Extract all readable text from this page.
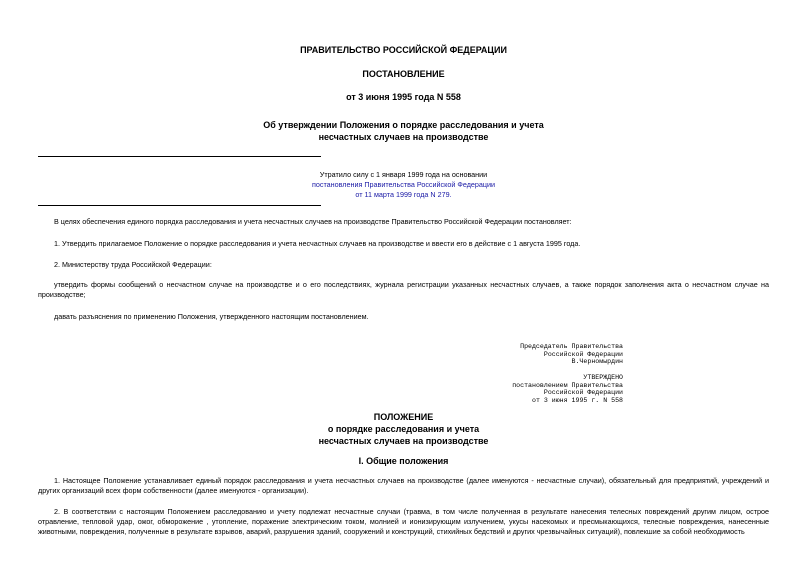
ПРАВИТЕЛЬСТВО РОССИЙСКОЙ ФЕДЕРАЦИИ
ПОСТАНОВЛЕНИЕ
от 3 июня 1995 года N 558
Об утверждении Положения о порядке расследования и учета
несчастных случаев на производстве
Утратило силу с 1 января 1999 года на основании
постановления Правительства Российской Федерации
от 11 марта 1999 года N 279.
В целях обеспечения единого порядка расследования и учета несчастных случаев на производстве Правительство Российской Федерации постановляет:
1. Утвердить прилагаемое Положение о порядке расследования и учета несчастных случаев на производстве и ввести его в действие с 1 августа 1995 года.
2. Министерству труда Российской Федерации:
утвердить формы сообщений о несчастном случае на производстве и о его последствиях, журнала регистрации указанных несчастных случаев, а также порядок заполнения акта о несчастном случае на производстве;
давать разъяснения по применению Положения, утвержденного настоящим постановлением.
Председатель Правительства
Российской Федерации
В.Черномырдин
УТВЕРЖДЕНО
постановлением Правительства
Российской Федерации
от 3 июня 1995 г. N 558
ПОЛОЖЕНИЕ
о порядке расследования и учета
несчастных случаев на производстве
I. Общие положения
1. Настоящее Положение устанавливает единый порядок расследования и учета несчастных случаев на производстве (далее именуются - несчастные случаи), обязательный для предприятий, учреждений и других организаций всех форм собственности (далее именуются - организации).
2. В соответствии с настоящим Положением расследованию и учету подлежат несчастные случаи (травма, в том числе полученная в результате нанесения телесных повреждений другим лицом, острое отравление, тепловой удар, ожог, обморожение , утопление, поражение электрическим током, молнией и ионизирующим излучением, укусы насекомых и пресмыкающихся, телесные повреждения, нанесенные животными, повреждения, полученные в результате взрывов, аварий, разрушения зданий, сооружений и конструкций, стихийных бедствий и других чрезвычайных ситуаций), повлекшие за собой необходимость
